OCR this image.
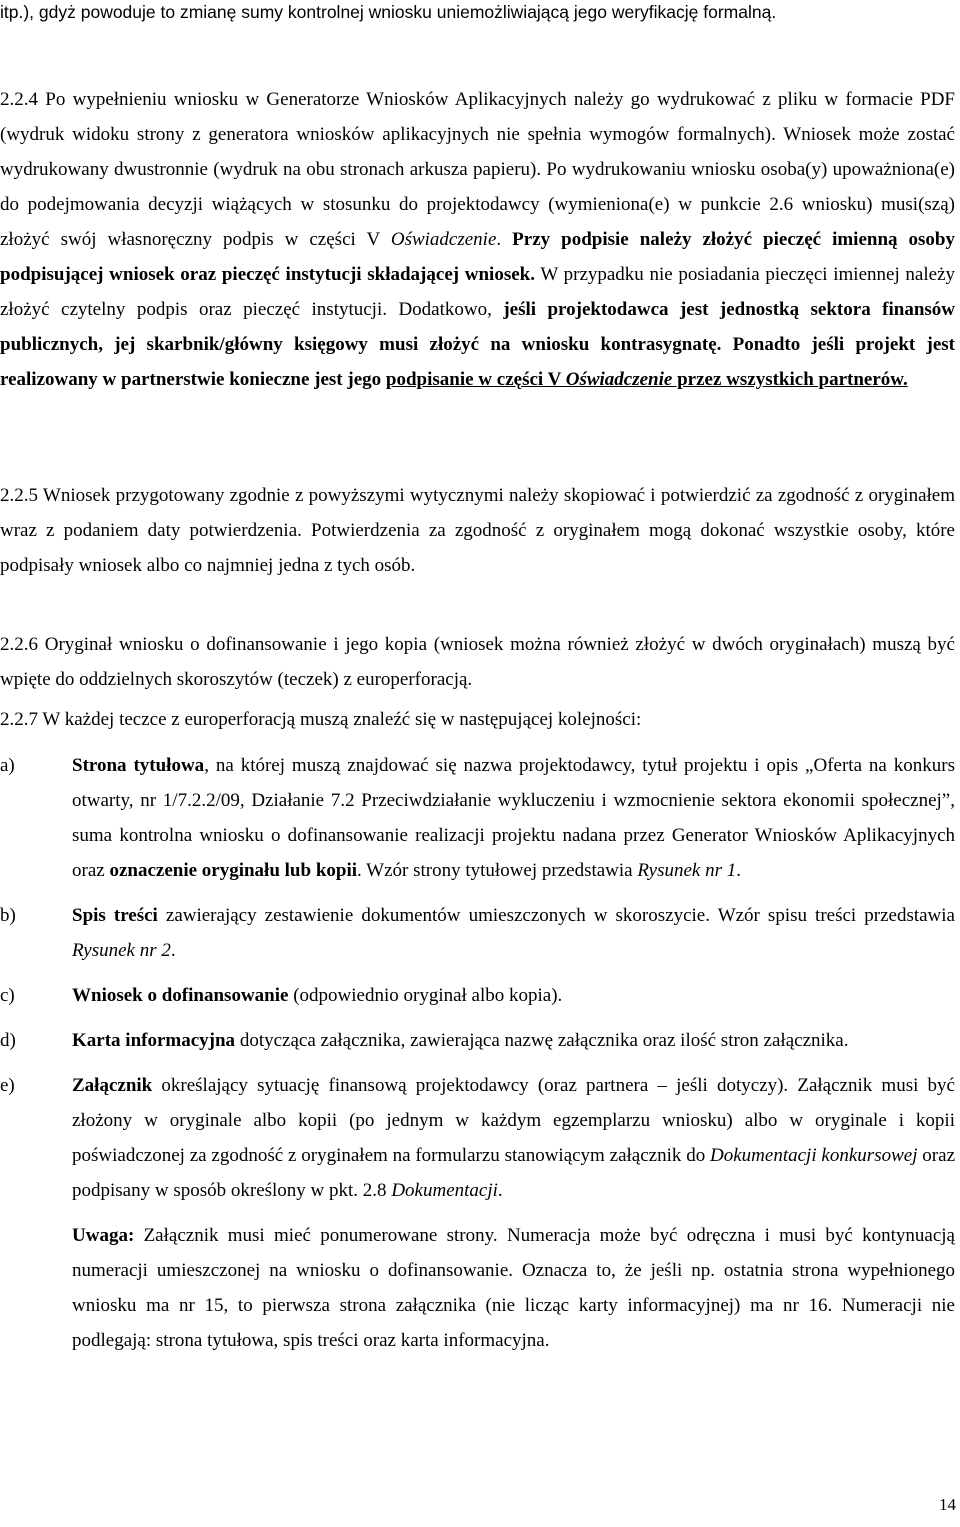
itp.), gdyż powoduje to zmianę sumy kontrolnej wniosku uniemożliwiającą jego weryfikację formalną.

2.2.4 Po wypełnieniu wniosku w Generatorze Wniosków Aplikacyjnych należy go wydrukować z pliku w formacie PDF (wydruk widoku strony z generatora wniosków aplikacyjnych nie spełnia wymogów formalnych). Wniosek może zostać wydrukowany dwustronnie (wydruk na obu stronach arkusza papieru). Po wydrukowaniu wniosku osoba(y) upoważniona(e) do podejmowania decyzji wiążących w stosunku do projektodawcy (wymieniona(e) w punkcie 2.6 wniosku) musi(szą) złożyć swój własnoręczny podpis w części V Oświadczenie. Przy podpisie należy złożyć pieczęć imienną osoby podpisującej wniosek oraz pieczęć instytucji składającej wniosek. W przypadku nie posiadania pieczęci imiennej należy złożyć czytelny podpis oraz pieczęć instytucji. Dodatkowo, jeśli projektodawca jest jednostką sektora finansów publicznych, jej skarbnik/główny księgowy musi złożyć na wniosku kontrasygnatę. Ponadto jeśli projekt jest realizowany w partnerstwie konieczne jest jego podpisanie w części V Oświadczenie przez wszystkich partnerów.

2.2.5 Wniosek przygotowany zgodnie z powyższymi wytycznymi należy skopiować i potwierdzić za zgodność z oryginałem wraz z podaniem daty potwierdzenia. Potwierdzenia za zgodność z oryginałem mogą dokonać wszystkie osoby, które podpisały wniosek albo co najmniej jedna z tych osób.

2.2.6 Oryginał wniosku o dofinansowanie i jego kopia (wniosek można również złożyć w dwóch oryginałach) muszą być wpięte do oddzielnych skoroszytów (teczek) z europerforacją.

2.2.7 W każdej teczce z europerforacją muszą znaleźć się w następującej kolejności:

a)	Strona tytułowa, na której muszą znajdować się nazwa projektodawcy, tytuł projektu i opis „Oferta na konkurs otwarty, nr 1/7.2.2/09, Działanie 7.2 Przeciwdziałanie wykluczeniu i wzmocnienie sektora ekonomii społecznej”, suma kontrolna wniosku o dofinansowanie realizacji projektu nadana przez Generator Wniosków Aplikacyjnych oraz oznaczenie oryginału lub kopii. Wzór strony tytułowej przedstawia Rysunek nr 1.

b)	Spis treści zawierający zestawienie dokumentów umieszczonych w skoroszycie. Wzór spisu treści przedstawia Rysunek nr 2.

c)	Wniosek o dofinansowanie (odpowiednio oryginał albo kopia).

d)	Karta informacyjna dotycząca załącznika, zawierająca nazwę załącznika oraz ilość stron załącznika.

e)	Załącznik określający sytuację finansową projektodawcy (oraz partnera – jeśli dotyczy). Załącznik musi być złożony w oryginale albo kopii (po jednym w każdym egzemplarzu wniosku) albo w oryginale i kopii poświadczonej za zgodność z oryginałem na formularzu stanowiącym załącznik do Dokumentacji konkursowej oraz podpisany w sposób określony w pkt. 2.8 Dokumentacji.

Uwaga: Załącznik musi mieć ponumerowane strony. Numeracja może być odręczna i musi być kontynuacją numeracji umieszczonej na wniosku o dofinansowanie. Oznacza to, że jeśli np. ostatnia strona wypełnionego wniosku ma nr 15, to pierwsza strona załącznika (nie licząc karty informacyjnej) ma nr 16. Numeracji nie podlegają: strona tytułowa, spis treści oraz karta informacyjna.

14
